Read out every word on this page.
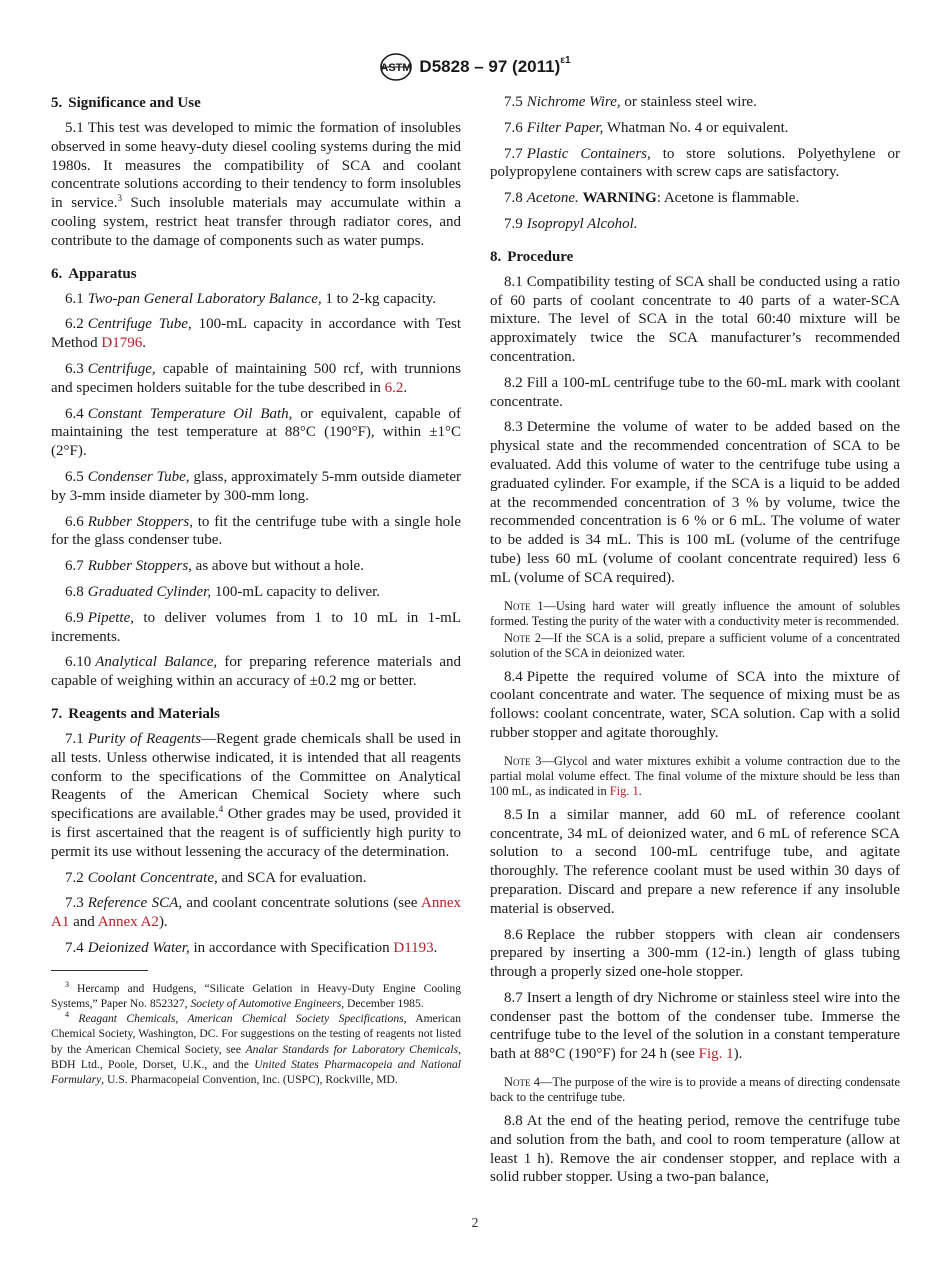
ASTM D5828 – 97 $(2011)^{\varepsilon 1}$
5. Significance and Use

5.1 This test was developed to mimic the formation of insolubles observed in some heavy-duty diesel cooling systems during the mid 1980s. It measures the compatibility of SCA and coolant concentrate solutions according to their tendency to form insolubles in service.$^3$ Such insoluble materials may accumulate within a cooling system, restrict heat transfer through radiator cores, and contribute to the damage of components such as water pumps.

6. Apparatus

6.1 Two-pan General Laboratory Balance, 1 to 2-kg capacity.

6.2 Centrifuge Tube, 100-mL capacity in accordance with Test Method D1796.

6.3 Centrifuge, capable of maintaining 500 rcf, with trunnions and specimen holders suitable for the tube described in 6.2.

6.4 Constant Temperature Oil Bath, or equivalent, capable of maintaining the test temperature at 88°C (190°F), within ±1°C (2°F).

6.5 Condenser Tube, glass, approximately 5-mm outside diameter by 3-mm inside diameter by 300-mm long.

6.6 Rubber Stoppers, to fit the centrifuge tube with a single hole for the glass condenser tube.

6.7 Rubber Stoppers, as above but without a hole.

6.8 Graduated Cylinder, 100-mL capacity to deliver.

6.9 Pipette, to deliver volumes from 1 to 10 mL in 1-mL increments.

6.10 Analytical Balance, for preparing reference materials and capable of weighing within an accuracy of ±0.2 mg or better.

7. Reagents and Materials

7.1 Purity of Reagents—Regent grade chemicals shall be used in all tests. Unless otherwise indicated, it is intended that all reagents conform to the specifications of the Committee on Analytical Reagents of the American Chemical Society where such specifications are available.$^4$ Other grades may be used, provided it is first ascertained that the reagent is of sufficiently high purity to permit its use without lessening the accuracy of the determination.

7.2 Coolant Concentrate, and SCA for evaluation.

7.3 Reference SCA, and coolant concentrate solutions (see Annex A1 and Annex A2).

7.4 Deionized Water, in accordance with Specification D1193.

$^3$ Hercamp and Hudgens, “Silicate Gelation in Heavy-Duty Engine Cooling Systems,” Paper No. 852327, Society of Automotive Engineers, December 1985.

$^4$ Reagant Chemicals, American Chemical Society Specifications, American Chemical Society, Washington, DC. For suggestions on the testing of reagents not listed by the American Chemical Society, see Analar Standards for Laboratory Chemicals, BDH Ltd., Poole, Dorset, U.K., and the United States Pharmacopeia and National Formulary, U.S. Pharmacopeial Convention, Inc. (USPC), Rockville, MD.

7.5 Nichrome Wire, or stainless steel wire.

7.6 Filter Paper, Whatman No. 4 or equivalent.

7.7 Plastic Containers, to store solutions. Polyethylene or polypropylene containers with screw caps are satisfactory.

7.8 Acetone. WARNING: Acetone is flammable.

7.9 Isopropyl Alcohol.

8. Procedure

8.1 Compatibility testing of SCA shall be conducted using a ratio of 60 parts of coolant concentrate to 40 parts of a water-SCA mixture. The level of SCA in the total 60:40 mixture will be approximately twice the SCA manufacturer’s recommended concentration.

8.2 Fill a 100-mL centrifuge tube to the 60-mL mark with coolant concentrate.

8.3 Determine the volume of water to be added based on the physical state and the recommended concentration of SCA to be evaluated. Add this volume of water to the centrifuge tube using a graduated cylinder. For example, if the SCA is a liquid to be added at the recommended concentration of 3 % by volume, twice the recommended concentration is 6 % or 6 mL. The volume of water to be added is 34 mL. This is 100 mL (volume of the centrifuge tube) less 60 mL (volume of coolant concentrate required) less 6 mL (volume of SCA required).

Note 1—Using hard water will greatly influence the amount of solubles formed. Testing the purity of the water with a conductivity meter is recommended.

Note 2—If the SCA is a solid, prepare a sufficient volume of a concentrated solution of the SCA in deionized water.

8.4 Pipette the required volume of SCA into the mixture of coolant concentrate and water. The sequence of mixing must be as follows: coolant concentrate, water, SCA solution. Cap with a solid rubber stopper and agitate thoroughly.

Note 3—Glycol and water mixtures exhibit a volume contraction due to the partial molal volume effect. The final volume of the mixture should be less than 100 mL, as indicated in Fig. 1.

8.5 In a similar manner, add 60 mL of reference coolant concentrate, 34 mL of deionized water, and 6 mL of reference SCA solution to a second 100-mL centrifuge tube, and agitate thoroughly. The reference coolant must be used within 30 days of preparation. Discard and prepare a new reference if any insoluble material is observed.

8.6 Replace the rubber stoppers with clean air condensers prepared by inserting a 300-mm (12-in.) length of glass tubing through a properly sized one-hole stopper.

8.7 Insert a length of dry Nichrome or stainless steel wire into the condenser past the bottom of the condenser tube. Immerse the centrifuge tube to the level of the solution in a constant temperature bath at 88°C (190°F) for 24 h (see Fig. 1).

Note 4—The purpose of the wire is to provide a means of directing condensate back to the centrifuge tube.

8.8 At the end of the heating period, remove the centrifuge tube and solution from the bath, and cool to room temperature (allow at least 1 h). Remove the air condenser stopper, and replace with a solid rubber stopper. Using a two-pan balance,

2
